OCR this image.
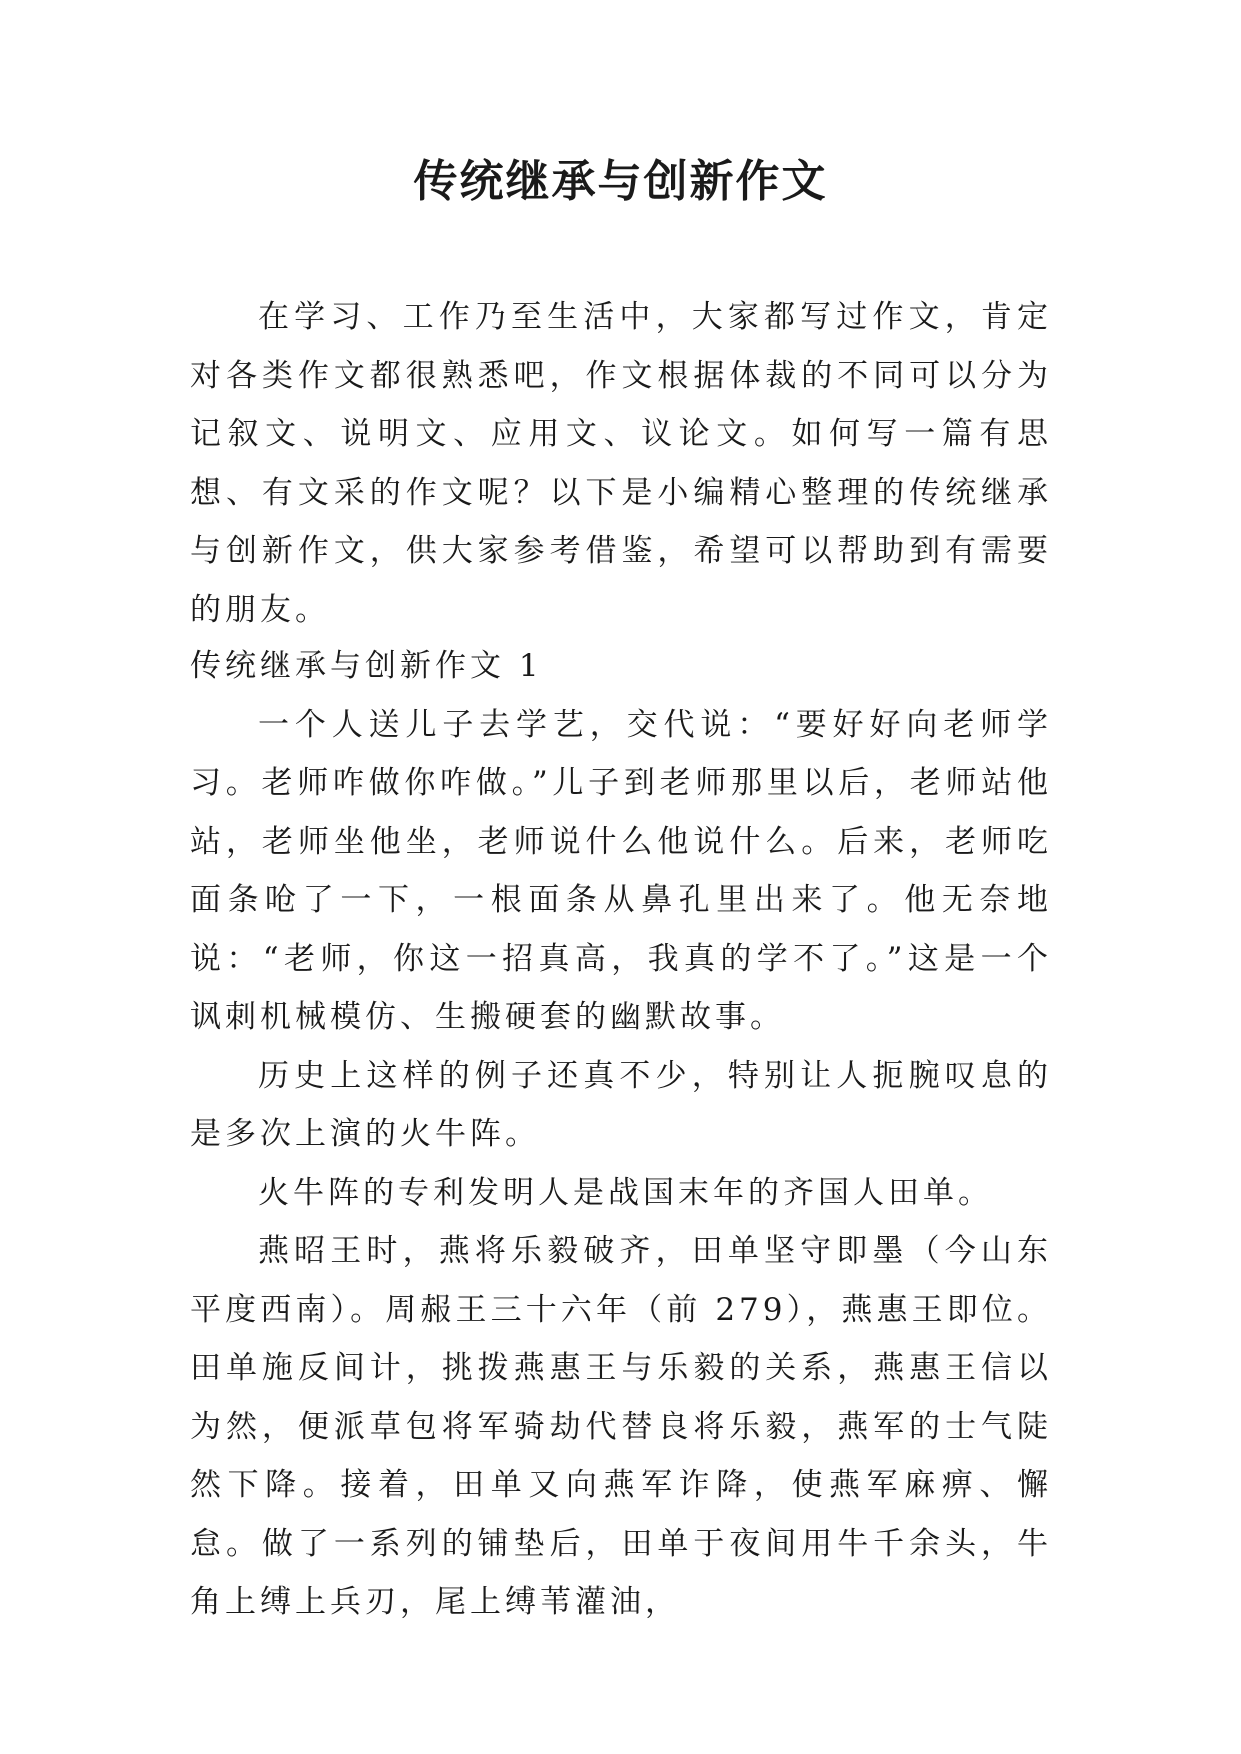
传统继承与创新作文

在学习、工作乃至生活中，大家都写过作文，肯定对各类作文都很熟悉吧，作文根据体裁的不同可以分为记叙文、说明文、应用文、议论文。如何写一篇有思想、有文采的作文呢？以下是小编精心整理的传统继承与创新作文，供大家参考借鉴，希望可以帮助到有需要的朋友。

传统继承与创新作文 1

一个人送儿子去学艺，交代说：“要好好向老师学习。老师咋做你咋做。”儿子到老师那里以后，老师站他站，老师坐他坐，老师说什么他说什么。后来，老师吃面条呛了一下，一根面条从鼻孔里出来了。他无奈地说：“老师，你这一招真高，我真的学不了。”这是一个讽刺机械模仿、生搬硬套的幽默故事。

历史上这样的例子还真不少，特别让人扼腕叹息的是多次上演的火牛阵。

火牛阵的专利发明人是战国末年的齐国人田单。

燕昭王时，燕将乐毅破齐，田单坚守即墨（今山东平度西南）。周赧王三十六年（前 279），燕惠王即位。田单施反间计，挑拨燕惠王与乐毅的关系，燕惠王信以为然，便派草包将军骑劫代替良将乐毅，燕军的士气陡然下降。接着，田单又向燕军诈降，使燕军麻痹、懈怠。做了一系列的铺垫后，田单于夜间用牛千余头，牛角上缚上兵刃，尾上缚苇灌油，
